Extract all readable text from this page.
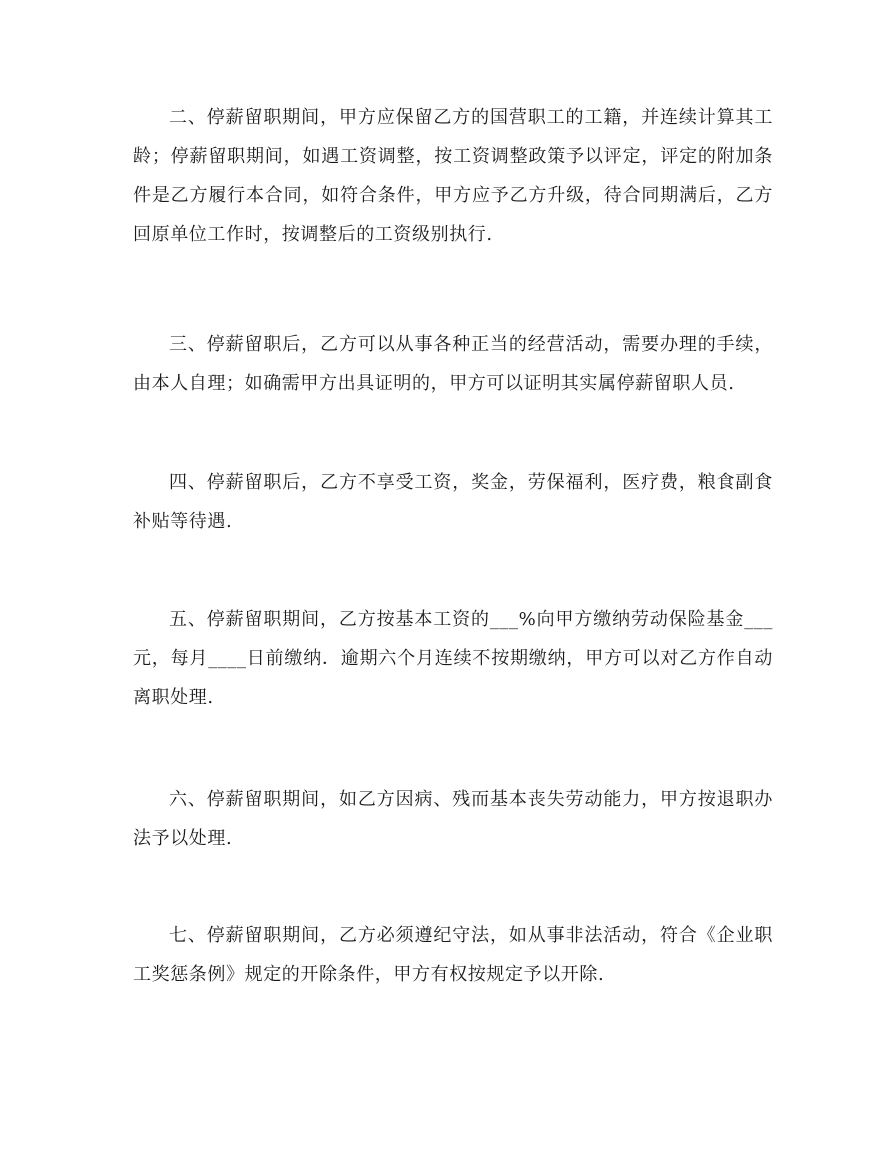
二、停薪留职期间，甲方应保留乙方的国营职工的工籍，并连续计算其工龄；停薪留职期间，如遇工资调整，按工资调整政策予以评定，评定的附加条件是乙方履行本合同，如符合条件，甲方应予乙方升级，待合同期满后，乙方回原单位工作时，按调整后的工资级别执行.

三、停薪留职后，乙方可以从事各种正当的经营活动，需要办理的手续，由本人自理；如确需甲方出具证明的，甲方可以证明其实属停薪留职人员.

四、停薪留职后，乙方不享受工资，奖金，劳保福利，医疗费，粮食副食补贴等待遇.

五、停薪留职期间，乙方按基本工资的___%向甲方缴纳劳动保险基金___元，每月____日前缴纳．逾期六个月连续不按期缴纳，甲方可以对乙方作自动离职处理.

六、停薪留职期间，如乙方因病、残而基本丧失劳动能力，甲方按退职办法予以处理.

七、停薪留职期间，乙方必须遵纪守法，如从事非法活动，符合《企业职工奖惩条例》规定的开除条件，甲方有权按规定予以开除.
